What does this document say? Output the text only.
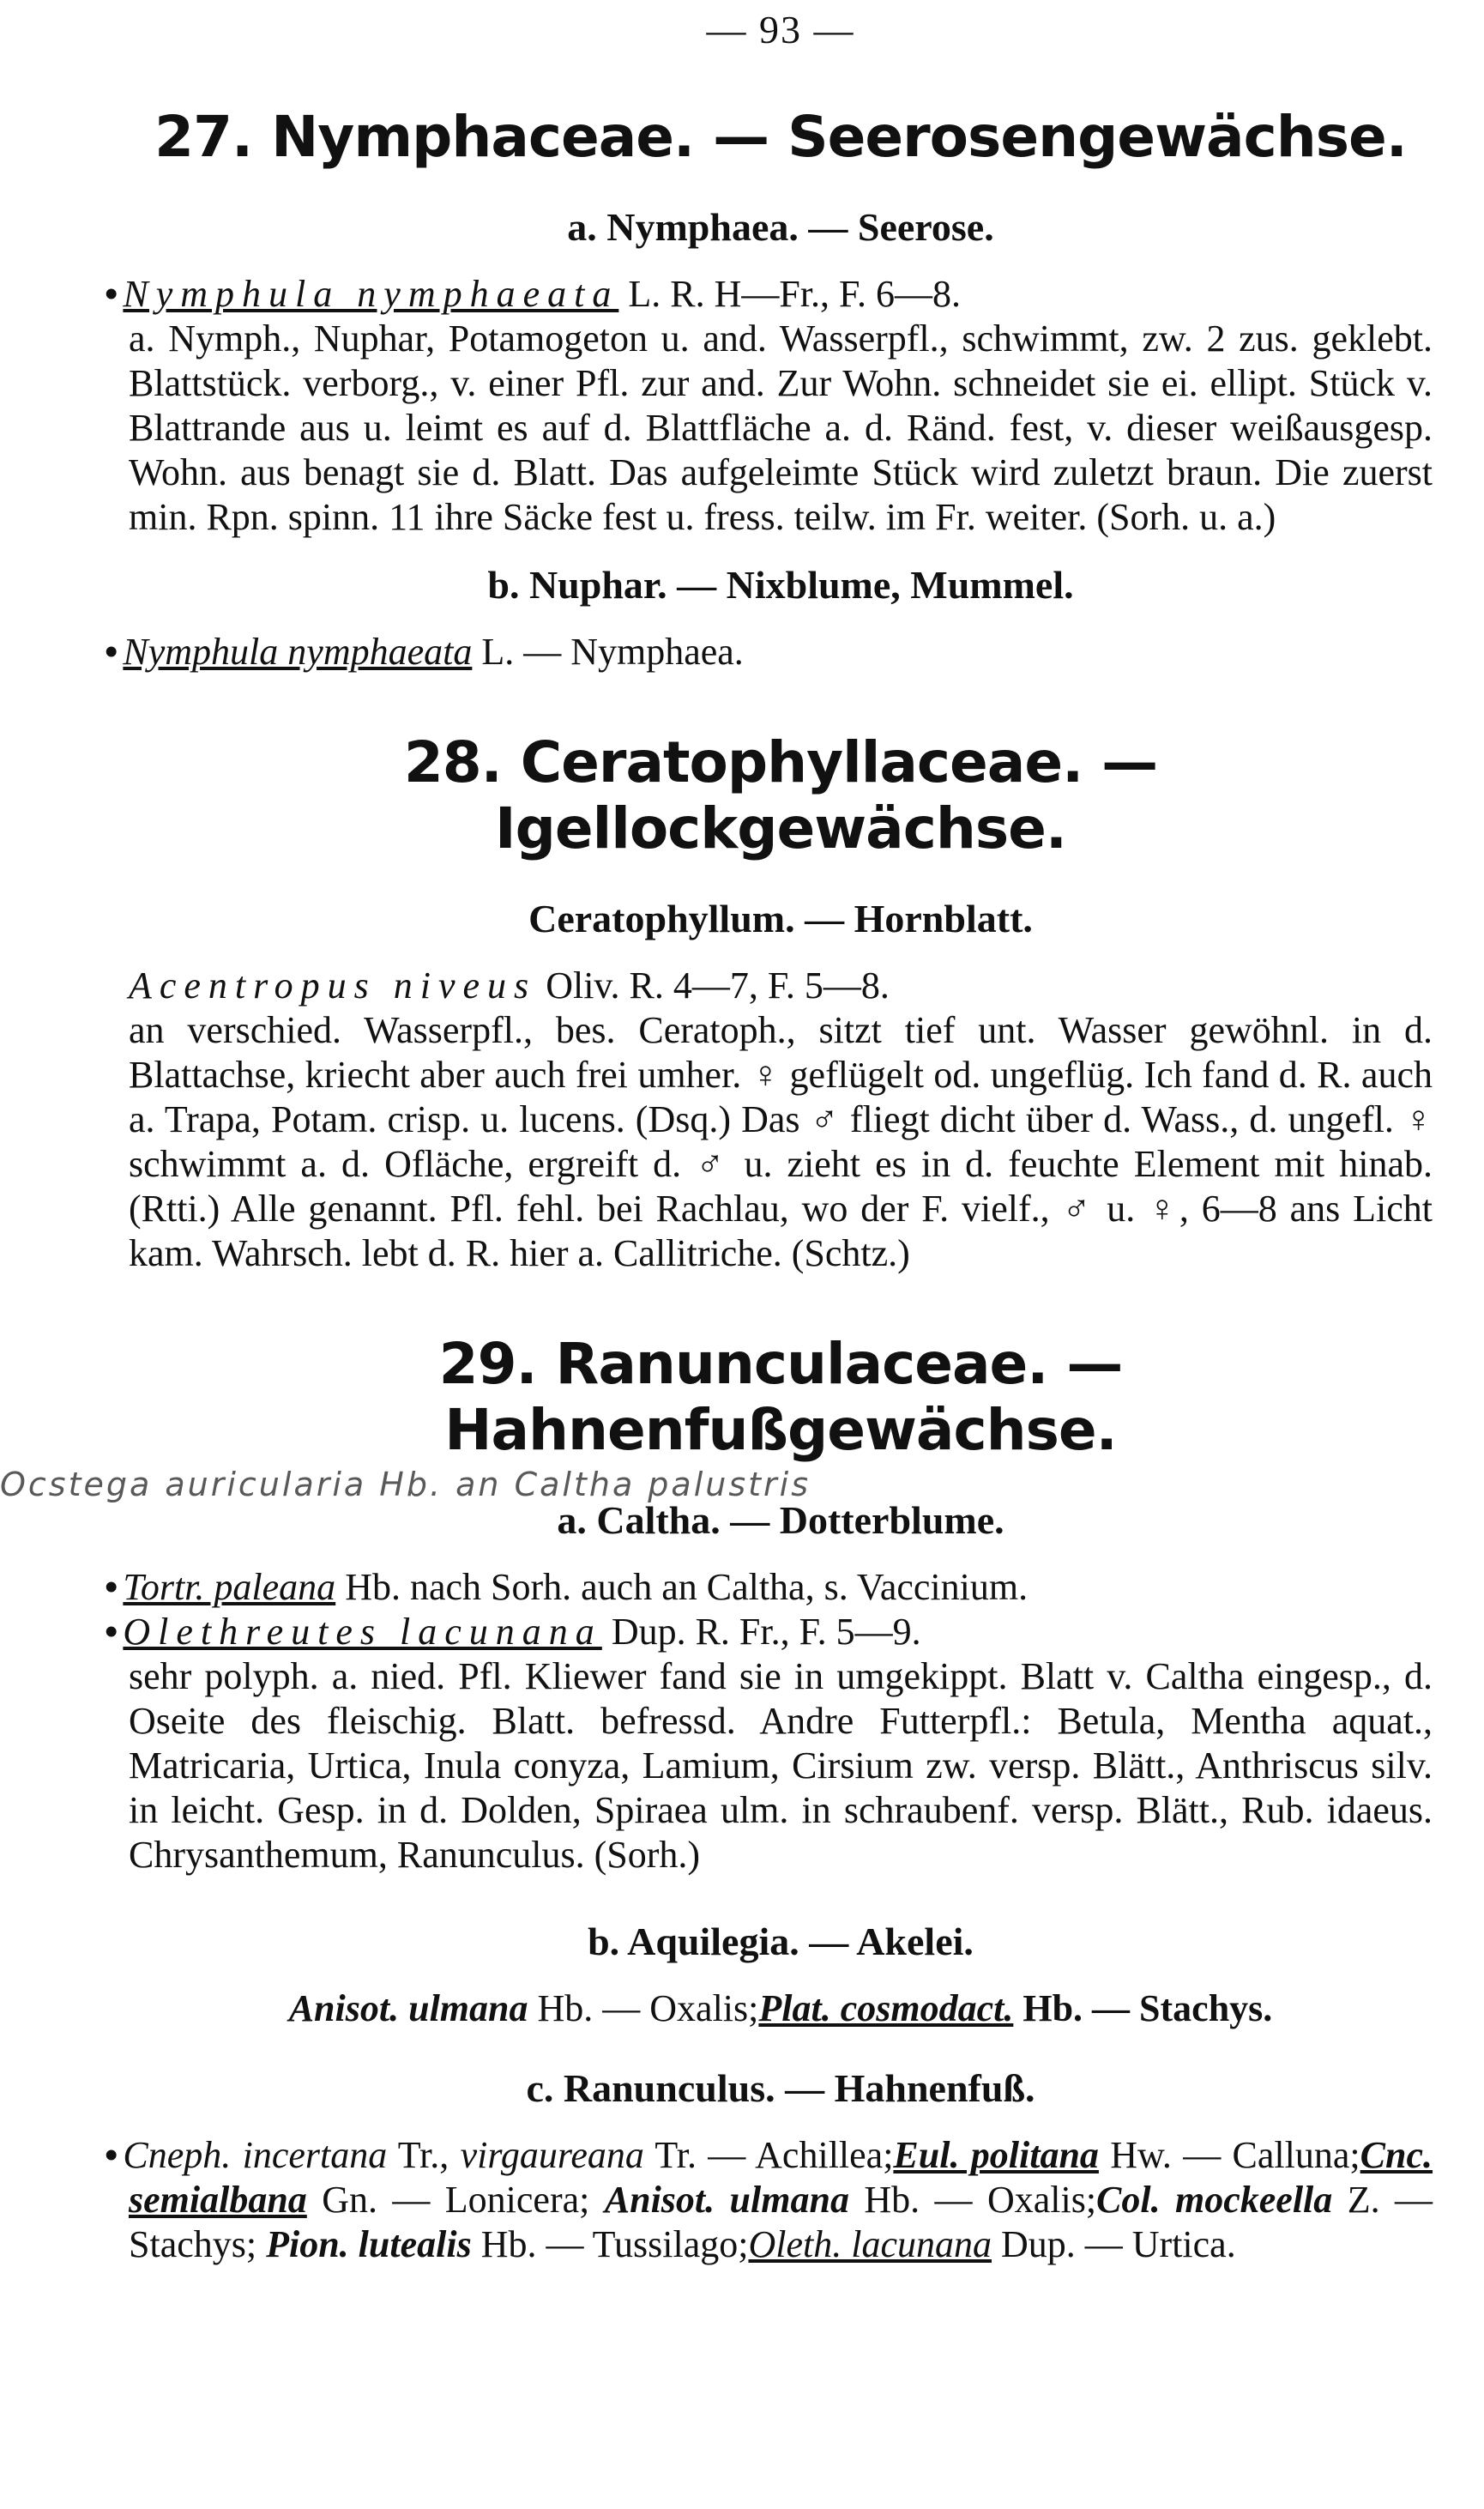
— 93 —
27. Nymphaceae. — Seerosengewächse.
a. Nymphaea. — Seerose.

• Nymphula nymphaeata L. R. H—Fr., F. 6—8.

a. Nymph., Nuphar, Potamogeton u. and. Wasserpfl., schwimmt, zw. 2 zus. geklebt. Blattstück. verborg., v. einer Pfl. zur and. Zur Wohn. schneidet sie ei. ellipt. Stück v. Blattrande aus u. leimt es auf d. Blattfläche a. d. Ränd. fest, v. dieser weißausgesp. Wohn. aus benagt sie d. Blatt. Das aufgeleimte Stück wird zuletzt braun. Die zuerst min. Rpn. spinn. 11 ihre Säcke fest u. fress. teilw. im Fr. weiter. (Sorh. u. a.)

b. Nuphar. — Nixblume, Mummel.

• Nymphula nymphaeata L. — Nymphaea.

28. Ceratophyllaceae. — Igellockgewächse.
Ceratophyllum. — Hornblatt.

Acentropus niveus Oliv. R. 4—7, F. 5—8.

an verschied. Wasserpfl., bes. Ceratoph., sitzt tief unt. Wasser gewöhnl. in d. Blattachse, kriecht aber auch frei umher. ♀ geflügelt od. ungeflüg. Ich fand d. R. auch a. Trapa, Potam. crisp. u. lucens. (Dsq.) Das ♂ fliegt dicht über d. Wass., d. ungefl. ♀ schwimmt a. d. Ofläche, ergreift d. ♂ u. zieht es in d. feuchte Element mit hinab. (Rtti.) Alle genannt. Pfl. fehl. bei Rachlau, wo der F. vielf., ♂ u. ♀, 6—8 ans Licht kam. Wahrsch. lebt d. R. hier a. Callitriche. (Schtz.)

29. Ranunculaceae. — Hahnenfußgewächse.
a. Caltha. — Dotterblume.

• Tortr. paleana Hb. nach Sorh. auch an Caltha, s. Vaccinium.

• Olethreutes lacunana Dup. R. Fr., F. 5—9.

sehr polyph. a. nied. Pfl. Kliewer fand sie in umgekippt. Blatt v. Caltha eingesp., d. Oseite des fleischig. Blatt. befressd. Andre Futterpfl.: Betula, Mentha aquat., Matricaria, Urtica, Inula conyza, Lamium, Cirsium zw. versp. Blätt., Anthriscus silv. in leicht. Gesp. in d. Dolden, Spiraea ulm. in schraubenf. versp. Blätt., Rub. idaeus. Chrysanthemum, Ranunculus. (Sorh.)

b. Aquilegia. — Akelei.

Anisot. ulmana Hb. — Oxalis;Plat. cosmodact. Hb. — Stachys.

c. Ranunculus. — Hahnenfuß.

• Cneph. incertana Tr., virgaureana Tr. — Achillea;Eul. politana Hw. — Calluna;Cnc. semialbana Gn. — Lonicera; Anisot. ulmana Hb. — Oxalis;Col. mockeella Z. — Stachys; Pion. lutealis Hb. — Tussilago;Oleth. lacunana Dup. — Urtica.

Ocstega auricularia Hb. an Caltha palustris
